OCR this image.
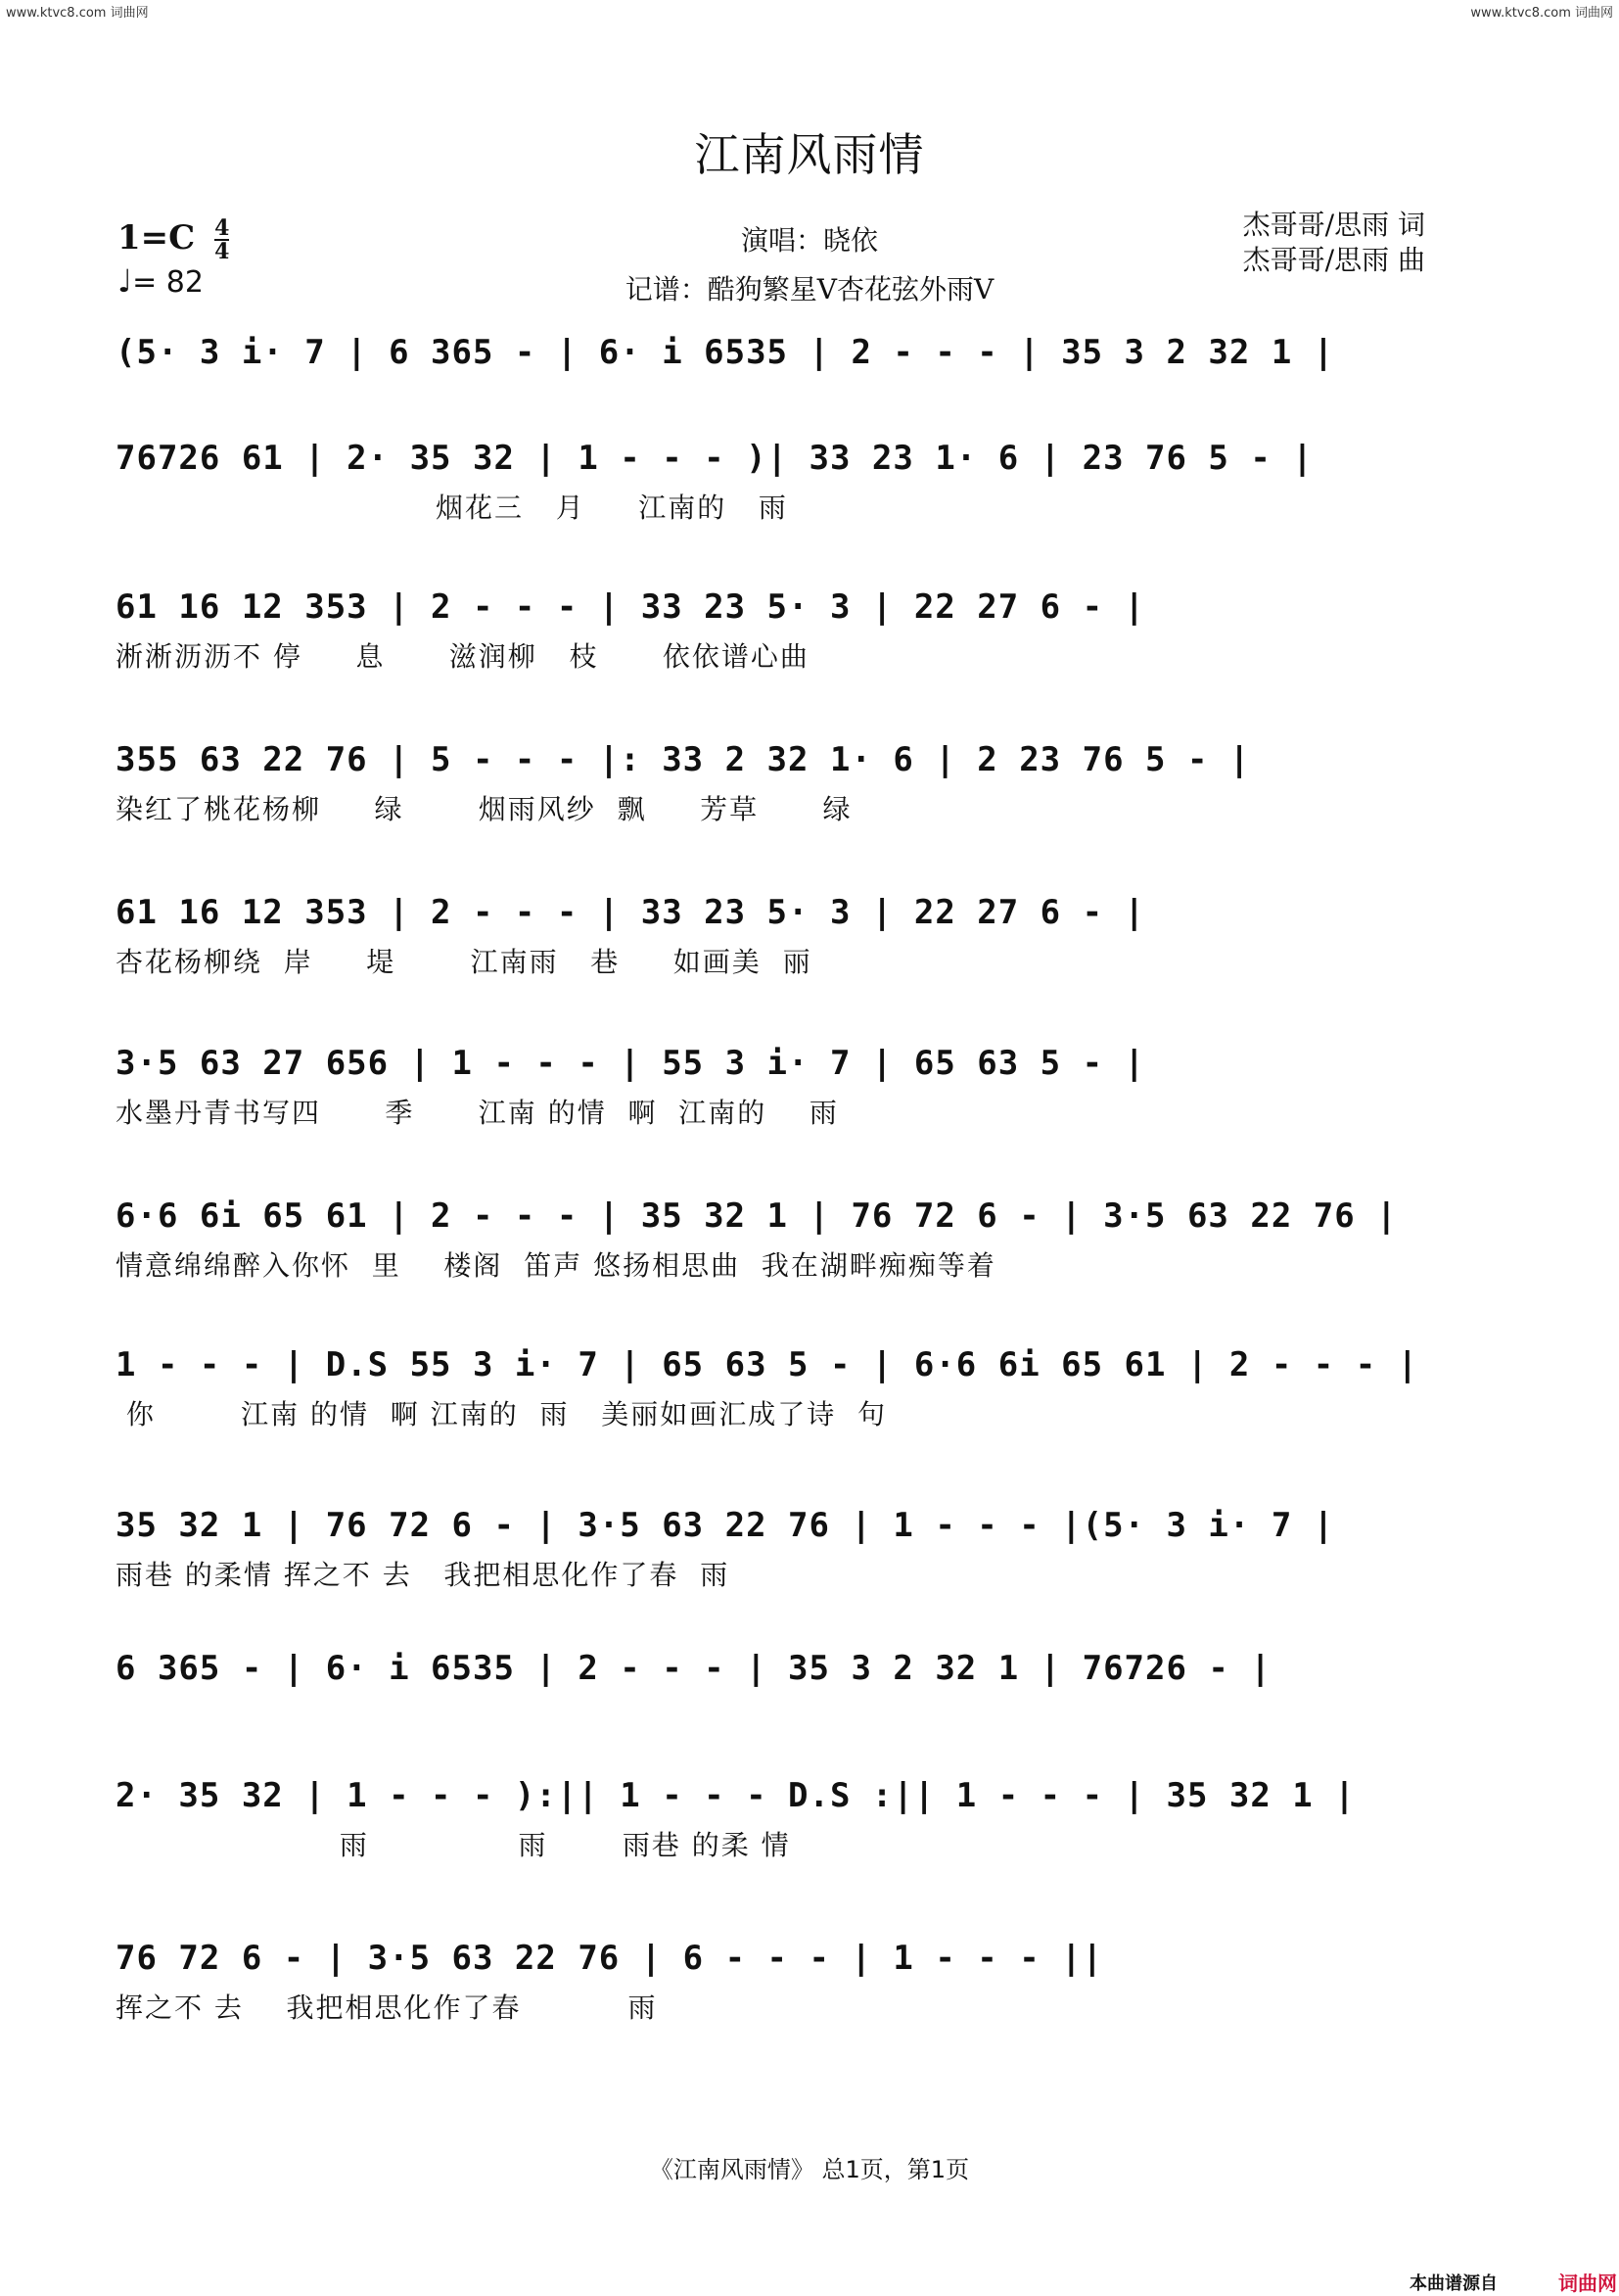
www.ktvc8.com 词曲网	www.ktvc8.com 词曲网
江南风雨情
$1=C \frac{4}{4}$
♩= 82
演唱：晓依
记谱：酷狗繁星V杏花弦外雨V
杰哥哥/思雨 词
杰哥哥/思雨 曲
(5· 3 i· 7 | 6 365 - | 6· i 6535 | 2 - - - | 35 3 2 32 1 |
76726 61 | 2· 35 32 | 1 - - - )| 33 23 1· 6 | 23 76 5 - |
烟花三   月     江南的   雨
61 16 12 353 | 2 - - - | 33 23 5· 3 | 22 27 6 - |
淅淅沥沥不 停     息      滋润柳   枝      依依谱心曲
355 63 22 76 | 5 - - - |: 33 2 32 1· 6 | 2 23 76 5 - |
染红了桃花杨柳     绿       烟雨风纱  飘     芳草      绿
61 16 12 353 | 2 - - - | 33 23 5· 3 | 22 27 6 - |
杏花杨柳绕  岸     堤       江南雨   巷     如画美  丽
3·5 63 27 656 | 1 - - - | 55 3 i· 7 | 65 63 5 - |
水墨丹青书写四      季      江南 的情  啊  江南的    雨
6·6 6i 65 61 | 2 - - - | 35 32 1 | 76 72 6 - | 3·5 63 22 76 |
情意绵绵醉入你怀  里    楼阁  笛声 悠扬相思曲  我在湖畔痴痴等着
1 - - - | D.S 55 3 i· 7 | 65 63 5 - | 6·6 6i 65 61 | 2 - - - |
你        江南 的情  啊 江南的  雨   美丽如画汇成了诗  句
35 32 1 | 76 72 6 - | 3·5 63 22 76 | 1 - - - |(5· 3 i· 7 |
雨巷 的柔情 挥之不 去   我把相思化作了春  雨
6 365 - | 6· i 6535 | 2 - - - | 35 3 2 32 1 | 76726 - |
2· 35 32 | 1 - - - ):|| 1 - - - D.S :|| 1 - - - | 35 32 1 |
雨              雨       雨巷 的柔 情
76 72 6 - | 3·5 63 22 76 | 6 - - - | 1 - - - ||
挥之不 去    我把相思化作了春          雨
《江南风雨情》 总1页，第1页
本曲谱源自	词曲网
